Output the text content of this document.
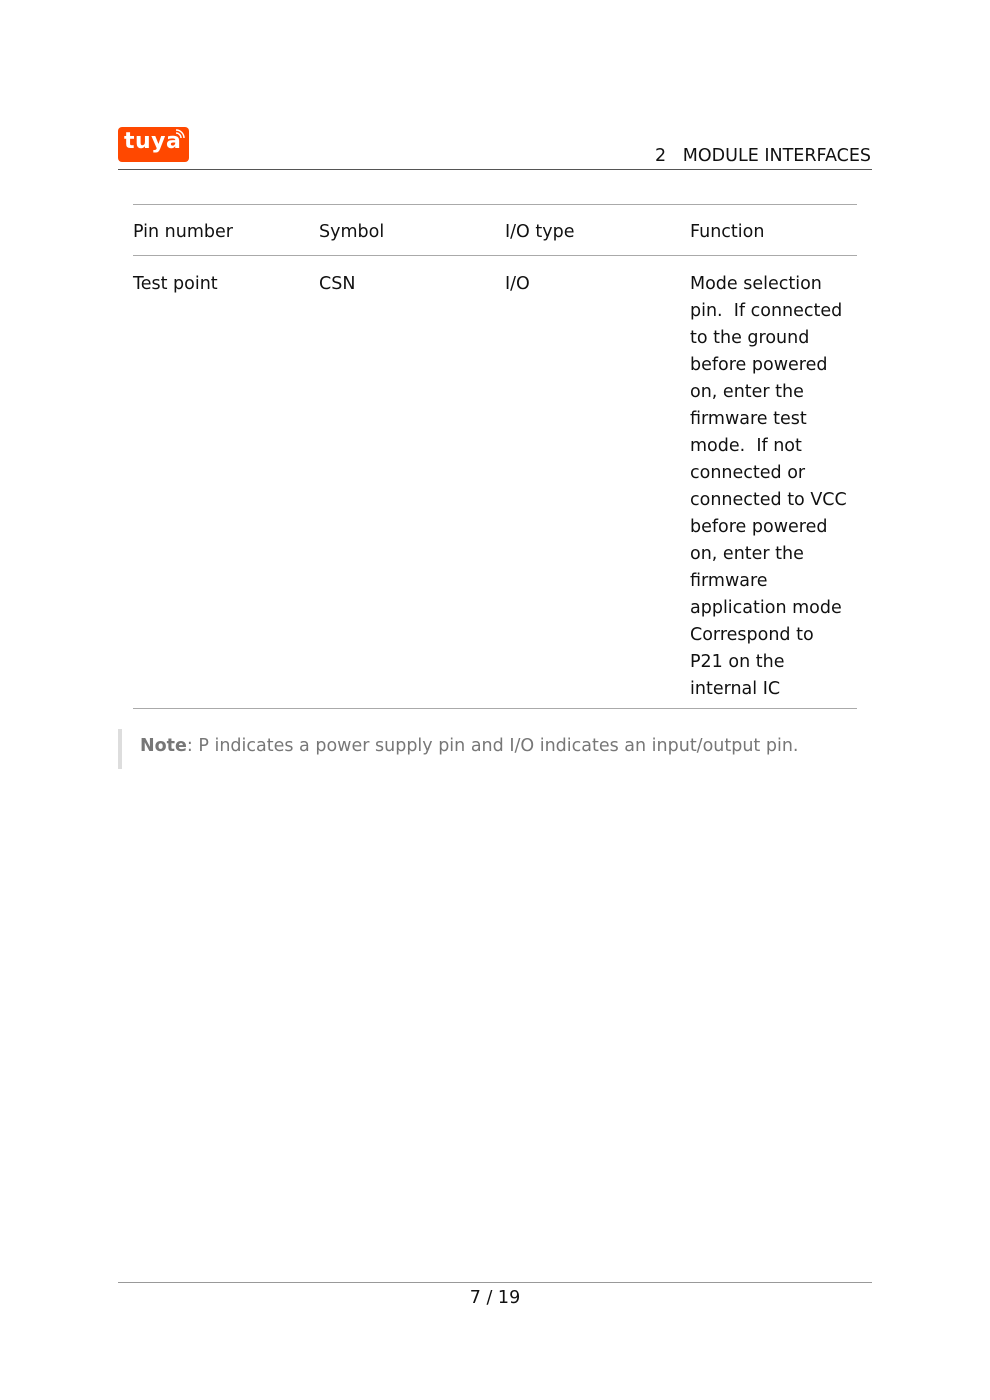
tuya
2   MODULE INTERFACES
Pin number	Symbol	I/O type	Function
Test point	CSN	I/O	Mode selection
pin.  If connected
to the ground
before powered
on, enter the
firmware test
mode.  If not
connected or
connected to VCC
before powered
on, enter the
firmware
application mode
Correspond to
P21 on the
internal IC
Note: P indicates a power supply pin and I/O indicates an input/output pin.
7 / 19
